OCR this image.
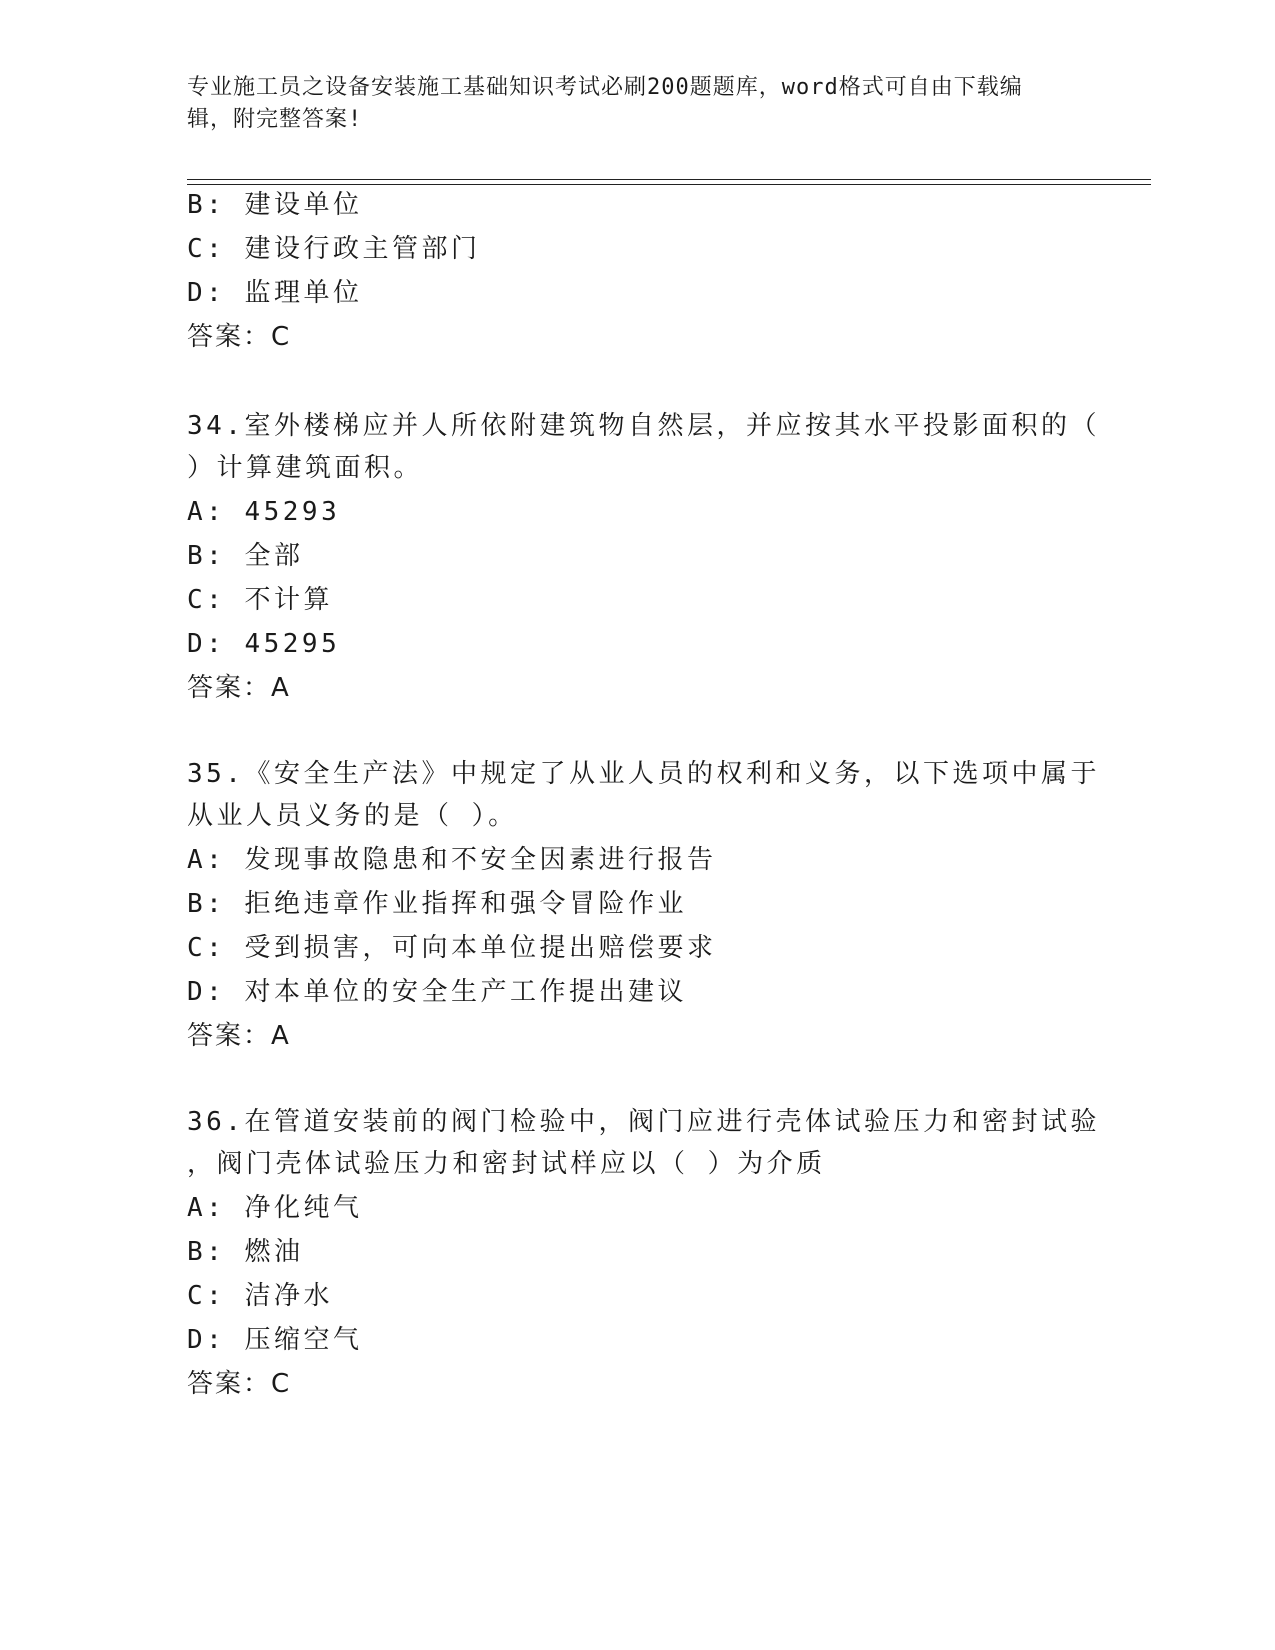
专业施工员之设备安装施工基础知识考试必刷200题题库，word格式可自由下载编辑，附完整答案!
B: 建设单位
C: 建设行政主管部门
D: 监理单位
答案：C
34.室外楼梯应并人所依附建筑物自然层，并应按其水平投影面积的（
）计算建筑面积。
A: 45293
B: 全部
C: 不计算
D: 45295
答案：A
35.《安全生产法》中规定了从业人员的权利和义务，以下选项中属于
从业人员义务的是（ ）。
A: 发现事故隐患和不安全因素进行报告
B: 拒绝违章作业指挥和强令冒险作业
C: 受到损害，可向本单位提出赔偿要求
D: 对本单位的安全生产工作提出建议
答案：A
36.在管道安装前的阀门检验中，阀门应进行壳体试验压力和密封试验
，阀门壳体试验压力和密封试样应以（ ）为介质
A: 净化纯气
B: 燃油
C: 洁净水
D: 压缩空气
答案：C
